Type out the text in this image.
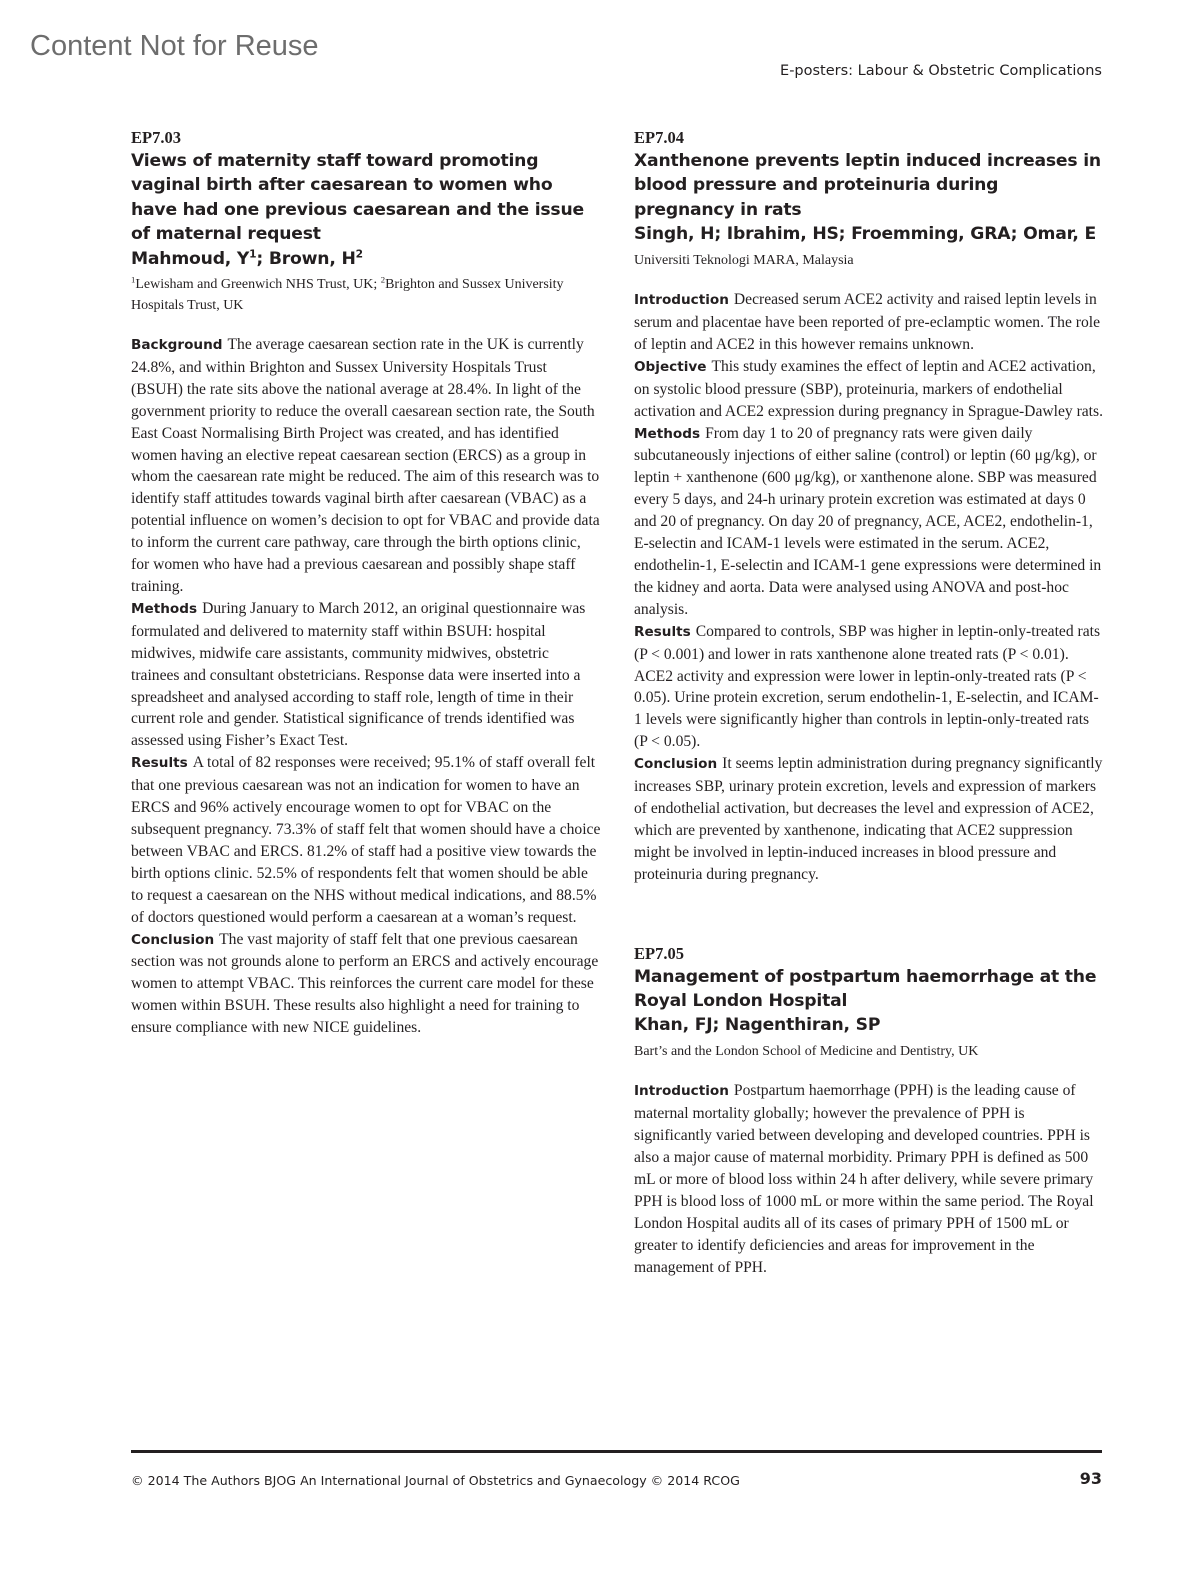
Content Not for Reuse
E-posters: Labour & Obstetric Complications
EP7.03
Views of maternity staff toward promoting vaginal birth after caesarean to women who have had one previous caesarean and the issue of maternal request
Mahmoud, $Y^1$; Brown, $H^2$
$^1$Lewisham and Greenwich NHS Trust, UK; $^2$Brighton and Sussex University Hospitals Trust, UK

Background The average caesarean section rate in the UK is currently 24.8%, and within Brighton and Sussex University Hospitals Trust (BSUH) the rate sits above the national average at 28.4%. In light of the government priority to reduce the overall caesarean section rate, the South East Coast Normalising Birth Project was created, and has identified women having an elective repeat caesarean section (ERCS) as a group in whom the caesarean rate might be reduced. The aim of this research was to identify staff attitudes towards vaginal birth after caesarean (VBAC) as a potential influence on women’s decision to opt for VBAC and provide data to inform the current care pathway, care through the birth options clinic, for women who have had a previous caesarean and possibly shape staff training.

Methods During January to March 2012, an original questionnaire was formulated and delivered to maternity staff within BSUH: hospital midwives, midwife care assistants, community midwives, obstetric trainees and consultant obstetricians. Response data were inserted into a spreadsheet and analysed according to staff role, length of time in their current role and gender. Statistical significance of trends identified was assessed using Fisher’s Exact Test.

Results A total of 82 responses were received; 95.1% of staff overall felt that one previous caesarean was not an indication for women to have an ERCS and 96% actively encourage women to opt for VBAC on the subsequent pregnancy. 73.3% of staff felt that women should have a choice between VBAC and ERCS. 81.2% of staff had a positive view towards the birth options clinic. 52.5% of respondents felt that women should be able to request a caesarean on the NHS without medical indications, and 88.5% of doctors questioned would perform a caesarean at a woman’s request.

Conclusion The vast majority of staff felt that one previous caesarean section was not grounds alone to perform an ERCS and actively encourage women to attempt VBAC. This reinforces the current care model for these women within BSUH. These results also highlight a need for training to ensure compliance with new NICE guidelines.

EP7.04
Xanthenone prevents leptin induced increases in blood pressure and proteinuria during pregnancy in rats
Singh, H; Ibrahim, HS; Froemming, GRA; Omar, E
Universiti Teknologi MARA, Malaysia

Introduction Decreased serum ACE2 activity and raised leptin levels in serum and placentae have been reported of pre-eclamptic women. The role of leptin and ACE2 in this however remains unknown.

Objective This study examines the effect of leptin and ACE2 activation, on systolic blood pressure (SBP), proteinuria, markers of endothelial activation and ACE2 expression during pregnancy in Sprague-Dawley rats.

Methods From day 1 to 20 of pregnancy rats were given daily subcutaneously injections of either saline (control) or leptin (60 μg/kg), or leptin + xanthenone (600 μg/kg), or xanthenone alone. SBP was measured every 5 days, and 24-h urinary protein excretion was estimated at days 0 and 20 of pregnancy. On day 20 of pregnancy, ACE, ACE2, endothelin-1, E-selectin and ICAM-1 levels were estimated in the serum. ACE2, endothelin-1, E-selectin and ICAM-1 gene expressions were determined in the kidney and aorta. Data were analysed using ANOVA and post-hoc analysis.

Results Compared to controls, SBP was higher in leptin-only-treated rats (P < 0.001) and lower in rats xanthenone alone treated rats (P < 0.01). ACE2 activity and expression were lower in leptin-only-treated rats (P < 0.05). Urine protein excretion, serum endothelin-1, E-selectin, and ICAM-1 levels were significantly higher than controls in leptin-only-treated rats (P < 0.05).

Conclusion It seems leptin administration during pregnancy significantly increases SBP, urinary protein excretion, levels and expression of markers of endothelial activation, but decreases the level and expression of ACE2, which are prevented by xanthenone, indicating that ACE2 suppression might be involved in leptin-induced increases in blood pressure and proteinuria during pregnancy.

EP7.05
Management of postpartum haemorrhage at the Royal London Hospital
Khan, FJ; Nagenthiran, SP
Bart’s and the London School of Medicine and Dentistry, UK

Introduction Postpartum haemorrhage (PPH) is the leading cause of maternal mortality globally; however the prevalence of PPH is significantly varied between developing and developed countries. PPH is also a major cause of maternal morbidity. Primary PPH is defined as 500 mL or more of blood loss within 24 h after delivery, while severe primary PPH is blood loss of 1000 mL or more within the same period. The Royal London Hospital audits all of its cases of primary PPH of 1500 mL or greater to identify deficiencies and areas for improvement in the management of PPH.

© 2014 The Authors BJOG An International Journal of Obstetrics and Gynaecology © 2014 RCOG	93
